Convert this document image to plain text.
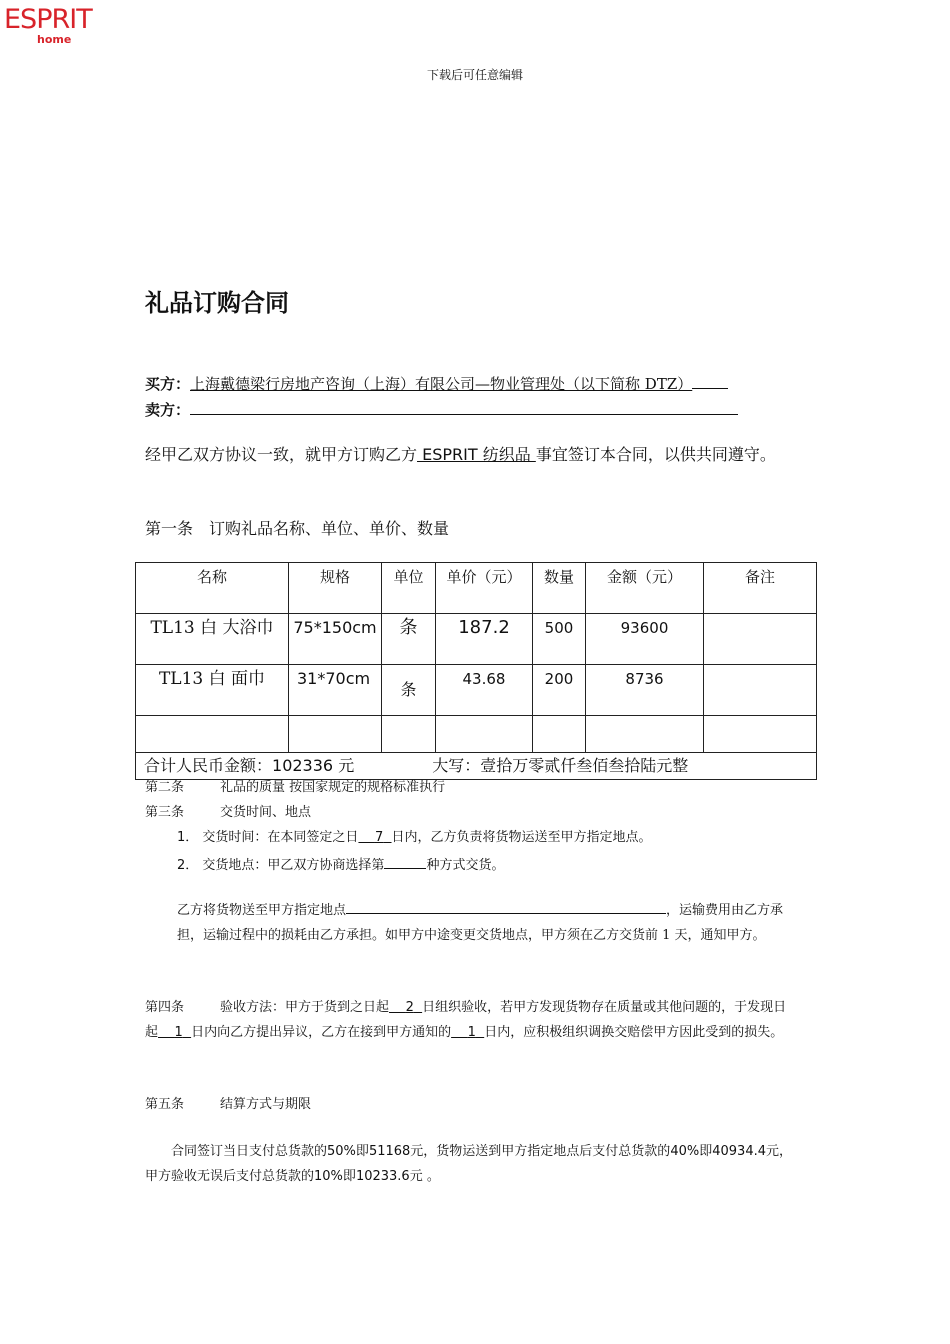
ESPRIT
home
下载后可任意编辑
礼品订购合同
买方：上海戴德梁行房地产咨询（上海）有限公司—物业管理处（以下简称 DTZ）
卖方：
经甲乙双方协议一致，就甲方订购乙方 ESPRIT 纺织品 事宜签订本合同，以供共同遵守。
第一条　订购礼品名称、单位、单价、数量
名称	规格	单位	单价（元）	数量	金额（元）	备注
TL13 白 大浴巾	75*150cm	条	187.2	500	93600	
TL13 白 面巾	31*70cm	条	43.68	200	8736	

合计人民币金额：102336 元 大写：壹拾万零贰仟叁佰叁拾陆元整						
第二条	礼品的质量 按国家规定的规格标准执行
第三条	交货时间、地点
1． 交货时间：在本同签定之日 7 日内，乙方负责将货物运送至甲方指定地点。
2． 交货地点：甲乙双方协商选择第	种方式交货。
乙方将货物送至甲方指定地点	，运输费用由乙方承担，运输过程中的损耗由乙方承担。如甲方中途变更交货地点，甲方须在乙方交货前 1 天，通知甲方。
第四条	验收方法：甲方于货到之日起 2 日组织验收，若甲方发现货物存在质量或其他问题的，于发现日起 1 日内向乙方提出异议，乙方在接到甲方通知的 1 日内，应积极组织调换交赔偿甲方因此受到的损失。
第五条	结算方式与期限
合同签订当日支付总货款的50%即51168元，货物运送到甲方指定地点后支付总货款的40%即40934.4元，甲方验收无误后支付总货款的10%即10233.6元 。
